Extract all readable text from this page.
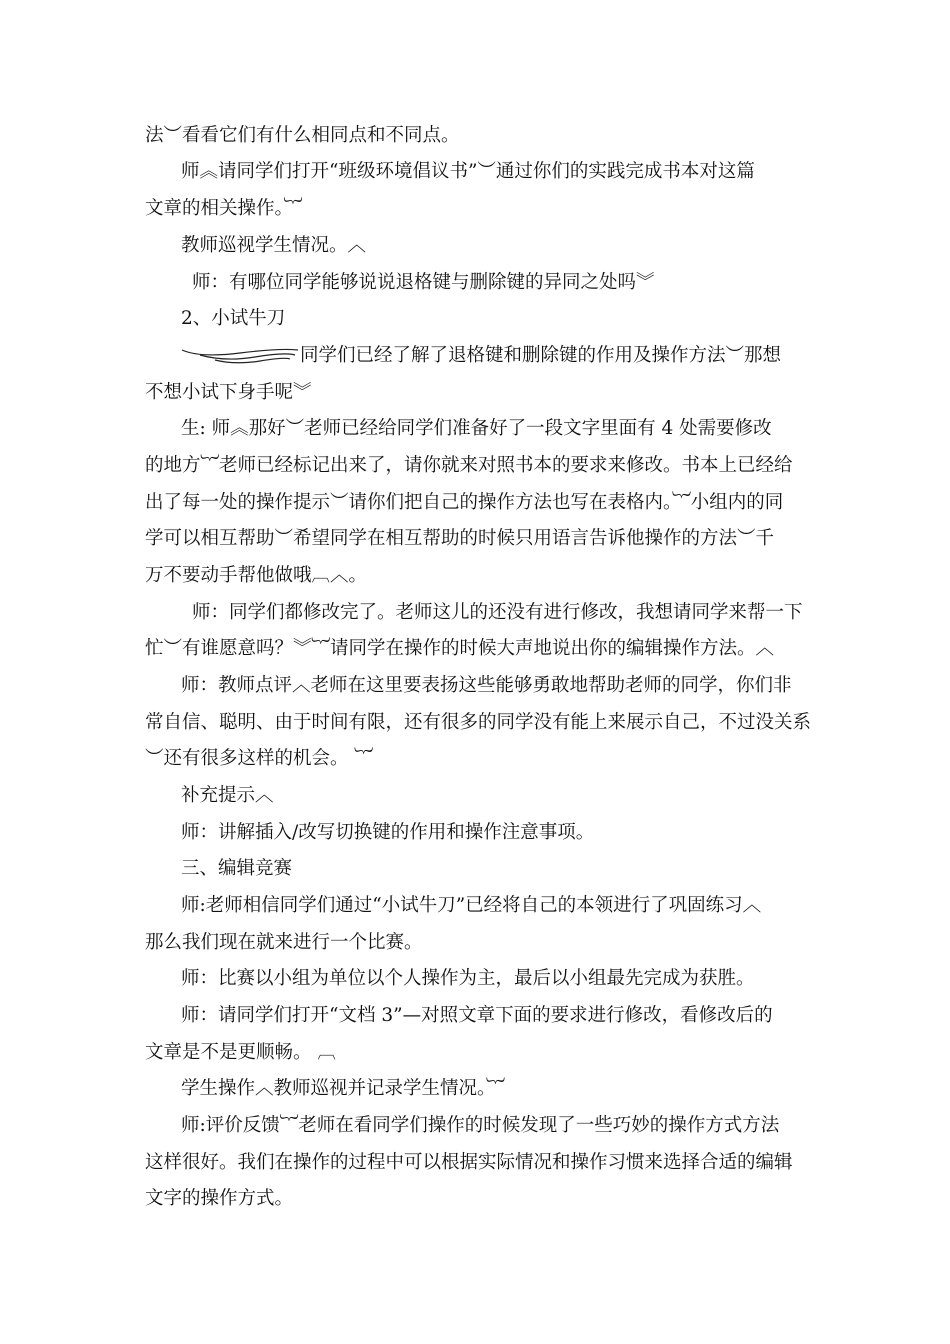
法︶看看它们有什么相同点和不同点。
师︽请同学们打开“班级环境倡议书”︶通过你们的实践完成书本对这篇
文章的相关操作。︸
教师巡视学生情况。︿
师：有哪位同学能够说说退格键与删除键的异同之处吗︾
2、小试牛刀
同学们已经了解了退格键和删除键的作用及操作方法︶那想
不想小试下身手呢︾
生: 师︽那好︶老师已经给同学们准备好了一段文字里面有 4 处需要修改
的地方︸老师已经标记出来了，请你就来对照书本的要求来修改。书本上已经给
出了每一处的操作提示︶请你们把自己的操作方法也写在表格内。︸小组内的同
学可以相互帮助︶希望同学在相互帮助的时候只用语言告诉他操作的方法︶千
万不要动手帮他做哦︹︿。
师：同学们都修改完了。老师这儿的还没有进行修改，我想请同学来帮一下
忙︶有谁愿意吗？︾︸请同学在操作的时候大声地说出你的编辑操作方法。︿
师：教师点评︿老师在这里要表扬这些能够勇敢地帮助老师的同学，你们非
常自信、聪明、由于时间有限，还有很多的同学没有能上来展示自己，不过没关系
︶还有很多这样的机会。 ︸
补充提示︿
师：讲解插入/改写切换键的作用和操作注意事项。
三、编辑竞赛
师:老师相信同学们通过“小试牛刀”已经将自己的本领进行了巩固练习︿
那么我们现在就来进行一个比赛。
师：比赛以小组为单位以个人操作为主，最后以小组最先完成为获胜。
师：请同学们打开“文档 3”—对照文章下面的要求进行修改，看修改后的
文章是不是更顺畅。 ︹
学生操作︿教师巡视并记录学生情况。︸
师:评价反馈︸老师在看同学们操作的时候发现了一些巧妙的操作方式方法
这样很好。我们在操作的过程中可以根据实际情况和操作习惯来选择合适的编辑
文字的操作方式。
